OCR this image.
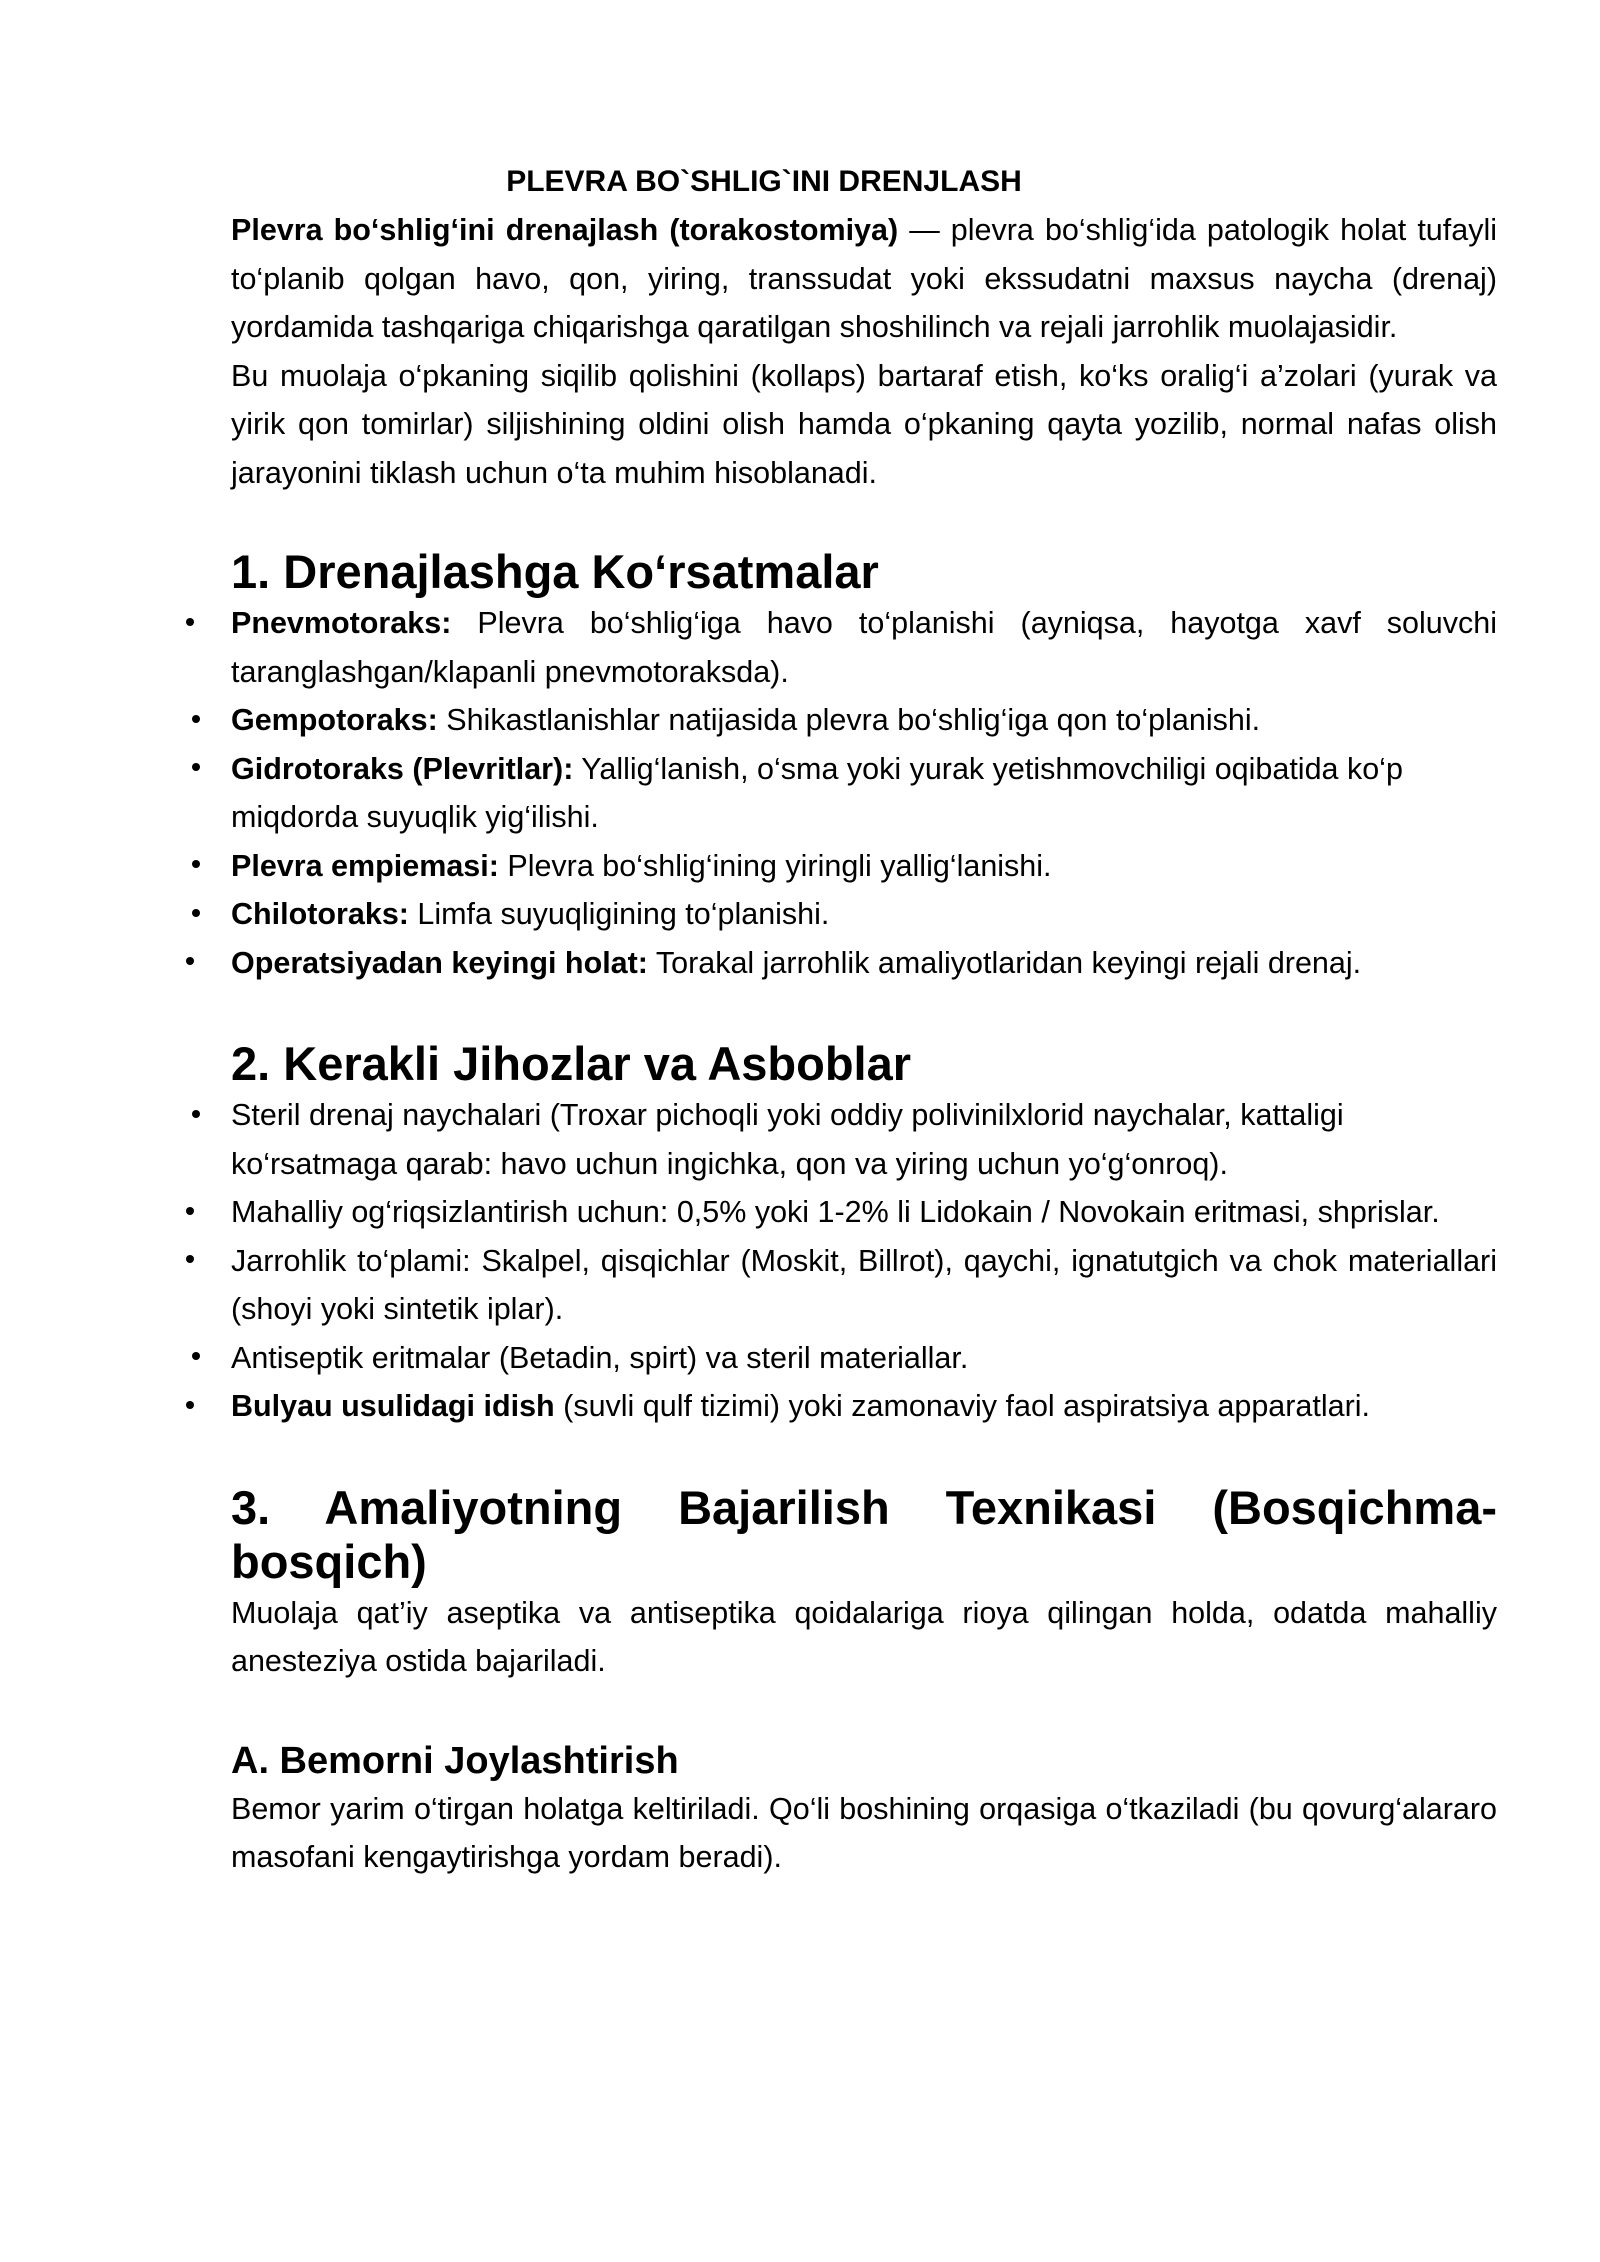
PLEVRA BO`SHLIG`INI DRENJLASH

Plevra bo‘shlig‘ini drenajlash (torakostomiya) — plevra bo‘shlig‘ida patologik holat tufayli to‘planib qolgan havo, qon, yiring, transsudat yoki ekssudatni maxsus naycha (drenaj) yordamida tashqariga chiqarishga qaratilgan shoshilinch va rejali jarrohlik muolajasidir.

Bu muolaja o‘pkaning siqilib qolishini (kollaps) bartaraf etish, ko‘ks oralig‘i a’zolari (yurak va yirik qon tomirlar) siljishining oldini olish hamda o‘pkaning qayta yozilib, normal nafas olish jarayonini tiklash uchun o‘ta muhim hisoblanadi.

1. Drenajlashga Ko‘rsatmalar
Pnevmotoraks: Plevra bo‘shlig‘iga havo to‘planishi (ayniqsa, hayotga xavf soluvchi taranglashgan/klapanli pnevmotoraksda).
Gempotoraks: Shikastlanishlar natijasida plevra bo‘shlig‘iga qon to‘planishi.
Gidrotoraks (Plevritlar): Yallig‘lanish, o‘sma yoki yurak yetishmovchiligi oqibatida ko‘p miqdorda suyuqlik yig‘ilishi.
Plevra empiemasi: Plevra bo‘shlig‘ining yiringli yallig‘lanishi.
Chilotoraks: Limfa suyuqligining to‘planishi.
Operatsiyadan keyingi holat: Torakal jarrohlik amaliyotlaridan keyingi rejali drenaj.
2. Kerakli Jihozlar va Asboblar
Steril drenaj naychalari (Troxar pichoqli yoki oddiy polivinilxlorid naychalar, kattaligi ko‘rsatmaga qarab: havo uchun ingichka, qon va yiring uchun yo‘g‘onroq).
Mahalliy og‘riqsizlantirish uchun: 0,5% yoki 1-2% li Lidokain / Novokain eritmasi, shprislar.
Jarrohlik to‘plami: Skalpel, qisqichlar (Moskit, Billrot), qaychi, ignatutgich va chok materiallari (shoyi yoki sintetik iplar).
Antiseptik eritmalar (Betadin, spirt) va steril materiallar.
Bulyau usulidagi idish (suvli qulf tizimi) yoki zamonaviy faol aspiratsiya apparatlari.
3. Amaliyotning Bajarilish Texnikasi (Bosqichma-bosqich)

Muolaja qat’iy aseptika va antiseptika qoidalariga rioya qilingan holda, odatda mahalliy anesteziya ostida bajariladi.

A. Bemorni Joylashtirish

Bemor yarim o‘tirgan holatga keltiriladi. Qo‘li boshining orqasiga o‘tkaziladi (bu qovurg‘alararo masofani kengaytirishga yordam beradi).
